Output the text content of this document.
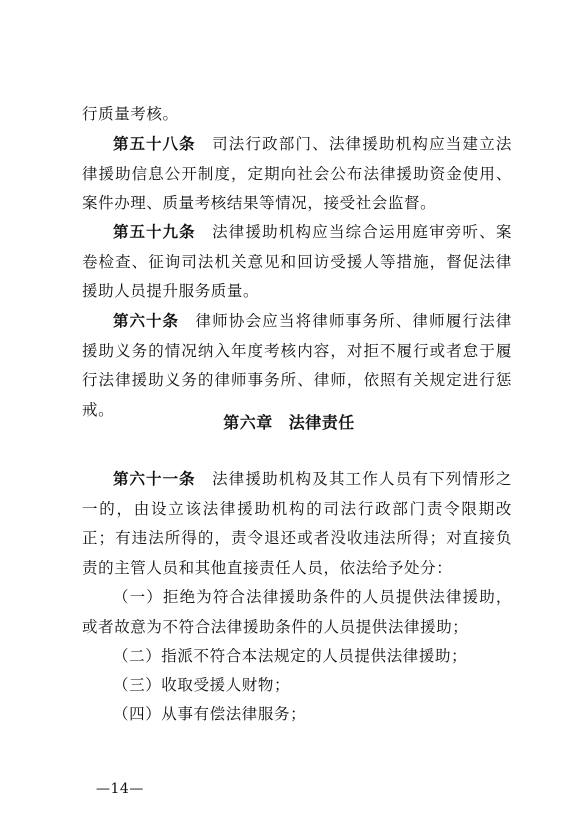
行质量考核。

第五十八条 司法行政部门、法律援助机构应当建立法律援助信息公开制度，定期向社会公布法律援助资金使用、案件办理、质量考核结果等情况，接受社会监督。

第五十九条 法律援助机构应当综合运用庭审旁听、案卷检查、征询司法机关意见和回访受援人等措施，督促法律援助人员提升服务质量。

第六十条 律师协会应当将律师事务所、律师履行法律援助义务的情况纳入年度考核内容，对拒不履行或者怠于履行法律援助义务的律师事务所、律师，依照有关规定进行惩戒。

第六章 法律责任

第六十一条 法律援助机构及其工作人员有下列情形之一的，由设立该法律援助机构的司法行政部门责令限期改正；有违法所得的，责令退还或者没收违法所得；对直接负责的主管人员和其他直接责任人员，依法给予处分：

（一）拒绝为符合法律援助条件的人员提供法律援助，或者故意为不符合法律援助条件的人员提供法律援助；

（二）指派不符合本法规定的人员提供法律援助；

（三）收取受援人财物；

（四）从事有偿法律服务；

—14—
